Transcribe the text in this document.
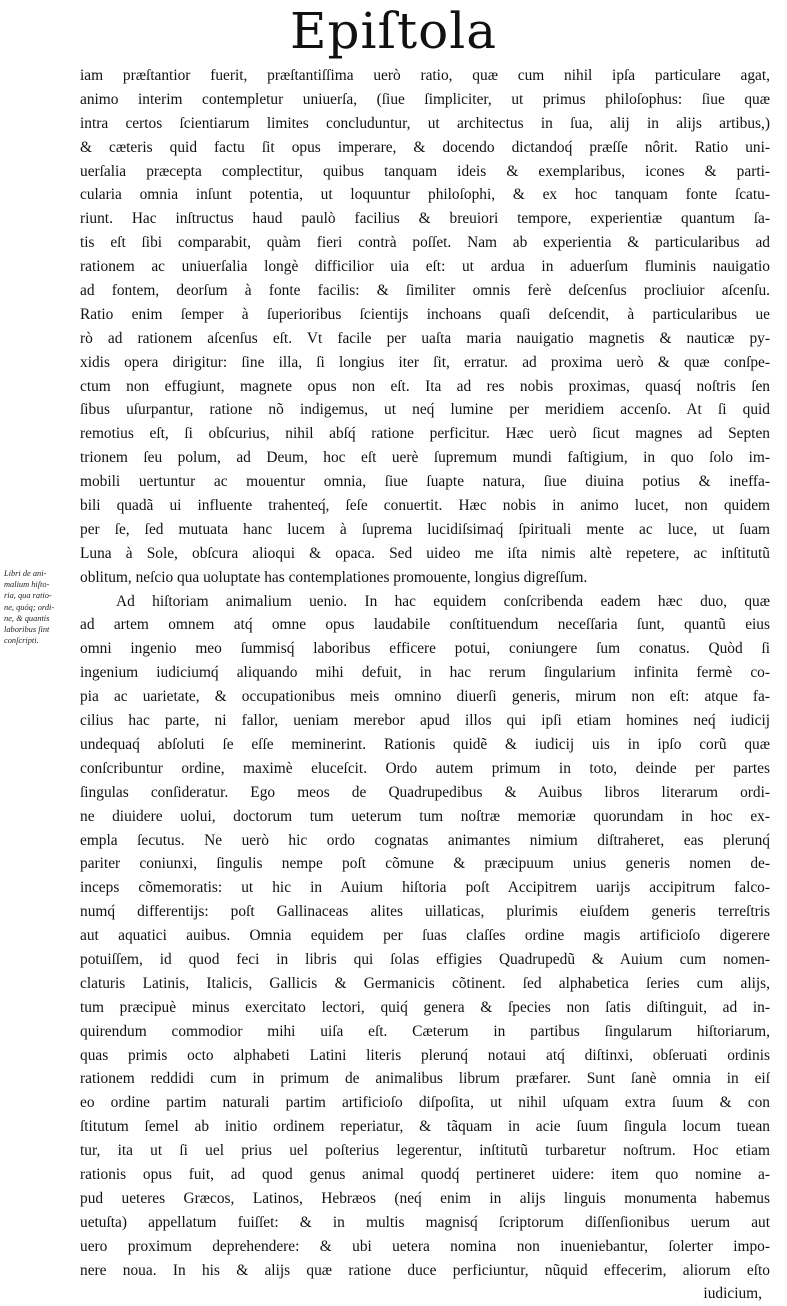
Epiſtola
Libri de ani-
malium hiſto-
ria, qua ratio-
ne, quóq; ordi-
ne, & quantis
laboribus ſint
conſcripti.
iam præſtantior fuerit, præſtantiſſima uerò ratio, quæ cum nihil ipſa particulare agat,
animo interim contempletur uniuerſa, (ſiue ſimpliciter, ut primus philoſophus: ſiue quæ
intra certos ſcientiarum limites concluduntur, ut architectus in ſua, alij in alijs artibus,)
& cæteris quid factu ſit opus imperare, & docendo dictandoq́ præſſe nôrit. Ratio uni-
uerſalia præcepta complectitur, quibus tanquam ideis & exemplaribus, icones & parti-
cularia omnia inſunt potentia, ut loquuntur philoſophi, & ex hoc tanquam fonte ſcatu-
riunt. Hac inſtructus haud paulò facilius & breuiori tempore, experientiæ quantum ſa-
tis eſt ſibi comparabit, quàm fieri contrà poſſet. Nam ab experientia & particularibus ad
rationem ac uniuerſalia longè difficilior uia eſt: ut ardua in aduerſum fluminis nauigatio
ad fontem, deorſum à fonte facilis: & ſimiliter omnis ferè deſcenſus procliuior aſcenſu.
Ratio enim ſemper à ſuperioribus ſcientijs inchoans quaſi deſcendit, à particularibus ue
rò ad rationem aſcenſus eſt. Vt facile per uaſta maria nauigatio magnetis & nauticæ py-
xidis opera dirigitur: ſine illa, ſi longius iter ſit, erratur. ad proxima uerò & quæ conſpe-
ctum non effugiunt, magnete opus non eſt. Ita ad res nobis proximas, quasq́ noſtris ſen
ſibus uſurpantur, ratione nõ indigemus, ut neq́ lumine per meridiem accenſo. At ſi quid
remotius eſt, ſi obſcurius, nihil abſq́ ratione perficitur. Hæc uerò ſicut magnes ad Septen
trionem ſeu polum, ad Deum, hoc eſt uerè ſupremum mundi faſtigium, in quo ſolo im-
mobili uertuntur ac mouentur omnia, ſiue ſuapte natura, ſiue diuina potius & ineffa-
bili quadã ui influente trahenteq́, ſeſe conuertit. Hæc nobis in animo lucet, non quidem
per ſe, ſed mutuata hanc lucem à ſuprema lucidiſsimaq́ ſpirituali mente ac luce, ut ſuam
Luna à Sole, obſcura alioqui & opaca. Sed uideo me iſta nimis altè repetere, ac inſtitutũ
oblitum, neſcio qua uoluptate has contemplationes promouente, longius digreſſum.
Ad hiſtoriam animalium uenio. In hac equidem conſcribenda eadem hæc duo, quæ
ad artem omnem atq́ omne opus laudabile conſtituendum neceſſaria ſunt, quantũ eius
omni ingenio meo ſummisq́ laboribus efficere potui, coniungere ſum conatus. Quòd ſi
ingenium iudiciumq́ aliquando mihi defuit, in hac rerum ſingularium infinita fermè co-
pia ac uarietate, & occupationibus meis omnino diuerſi generis, mirum non eſt: atque fa-
cilius hac parte, ni fallor, ueniam merebor apud illos qui ipſi etiam homines neq́ iudicij
undequaq́ abſoluti ſe eſſe meminerint. Rationis quidẽ & iudicij uis in ipſo corũ quæ
conſcribuntur ordine, maximè eluceſcit. Ordo autem primum in toto, deinde per partes
ſingulas conſideratur. Ego meos de Quadrupedibus & Auibus libros literarum ordi-
ne diuidere uolui, doctorum tum ueterum tum noſtræ memoriæ quorundam in hoc ex-
empla ſecutus. Ne uerò hic ordo cognatas animantes nimium diſtraheret, eas plerunq́
pariter coniunxi, ſingulis nempe poſt cõmune & præcipuum unius generis nomen de-
inceps cõmemoratis: ut hic in Auium hiſtoria poſt Accipitrem uarijs accipitrum falco-
numq́ differentijs: poſt Gallinaceas alites uillaticas, plurimis eiuſdem generis terreſtris
aut aquatici auibus. Omnia equidem per ſuas claſſes ordine magis artificioſo digerere
potuiſſem, id quod feci in libris qui ſolas effigies Quadrupedũ & Auium cum nomen-
claturis Latinis, Italicis, Gallicis & Germanicis cõtinent. ſed alphabetica ſeries cum alijs,
tum præcipuè minus exercitato lectori, quiq́ genera & ſpecies non ſatis diſtinguit, ad in-
quirendum commodior mihi uiſa eſt. Cæterum in partibus ſingularum hiſtoriarum,
quas primis octo alphabeti Latini literis plerunq́ notaui atq́ diſtinxi, obſeruati ordinis
rationem reddidi cum in primum de animalibus librum præfarer. Sunt ſanè omnia in eiſ
eo ordine partim naturali partim artificioſo diſpoſita, ut nihil uſquam extra ſuum & con
ſtitutum ſemel ab initio ordinem reperiatur, & tãquam in acie ſuum ſingula locum tuean
tur, ita ut ſi uel prius uel poſterius legerentur, inſtitutũ turbaretur noſtrum. Hoc etiam
rationis opus fuit, ad quod genus animal quodq́ pertineret uidere: item quo nomine a-
pud ueteres Græcos, Latinos, Hebræos (neq́ enim in alijs linguis monumenta habemus
uetuſta) appellatum fuiſſet: & in multis magnisq́ ſcriptorum diſſenſionibus uerum aut
uero proximum deprehendere: & ubi uetera nomina non inueniebantur, ſolerter impo-
nere noua. In his & alijs quæ ratione duce perficiuntur, nũquid effecerim, aliorum eſto
iudicium,
